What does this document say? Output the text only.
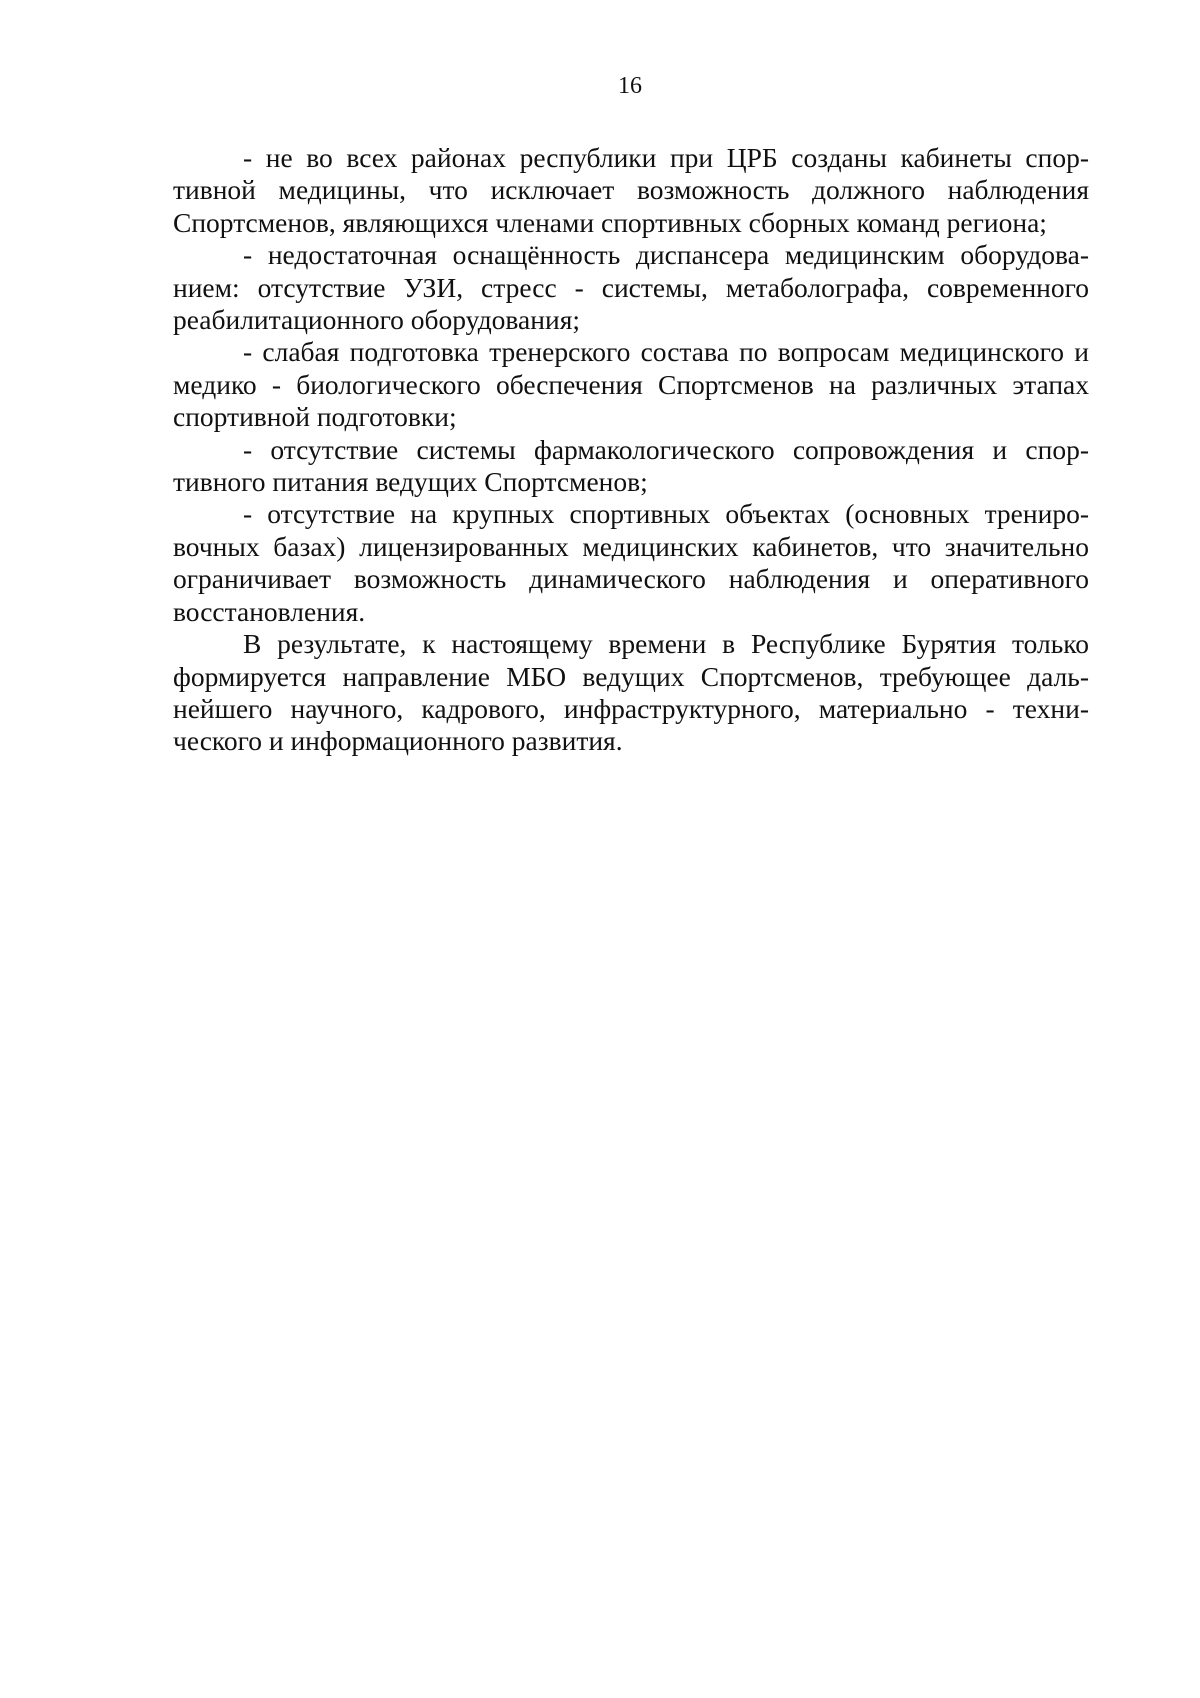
16

- не во всех районах республики при ЦРБ созданы кабинеты спортивной медицины, что исключает возможность должного наблюдения Спортсменов, являющихся членами спортивных сборных команд региона;

- недостаточная оснащённость диспансера медицинским оборудованием: отсутствие УЗИ, стресс - системы, метаболографа, современного реабилитационного оборудования;

- слабая подготовка тренерского состава по вопросам медицинского и медико - биологического обеспечения Спортсменов на различных этапах спортивной подготовки;

- отсутствие системы фармакологического сопровождения и спортивного питания ведущих Спортсменов;

- отсутствие на крупных спортивных объектах (основных тренировочных базах) лицензированных медицинских кабинетов, что значительно ограничивает возможность динамического наблюдения и оперативного восстановления.

В результате, к настоящему времени в Республике Бурятия только формируется направление МБО ведущих Спортсменов, требующее дальнейшего научного, кадрового, инфраструктурного, материально - технического и информационного развития.
